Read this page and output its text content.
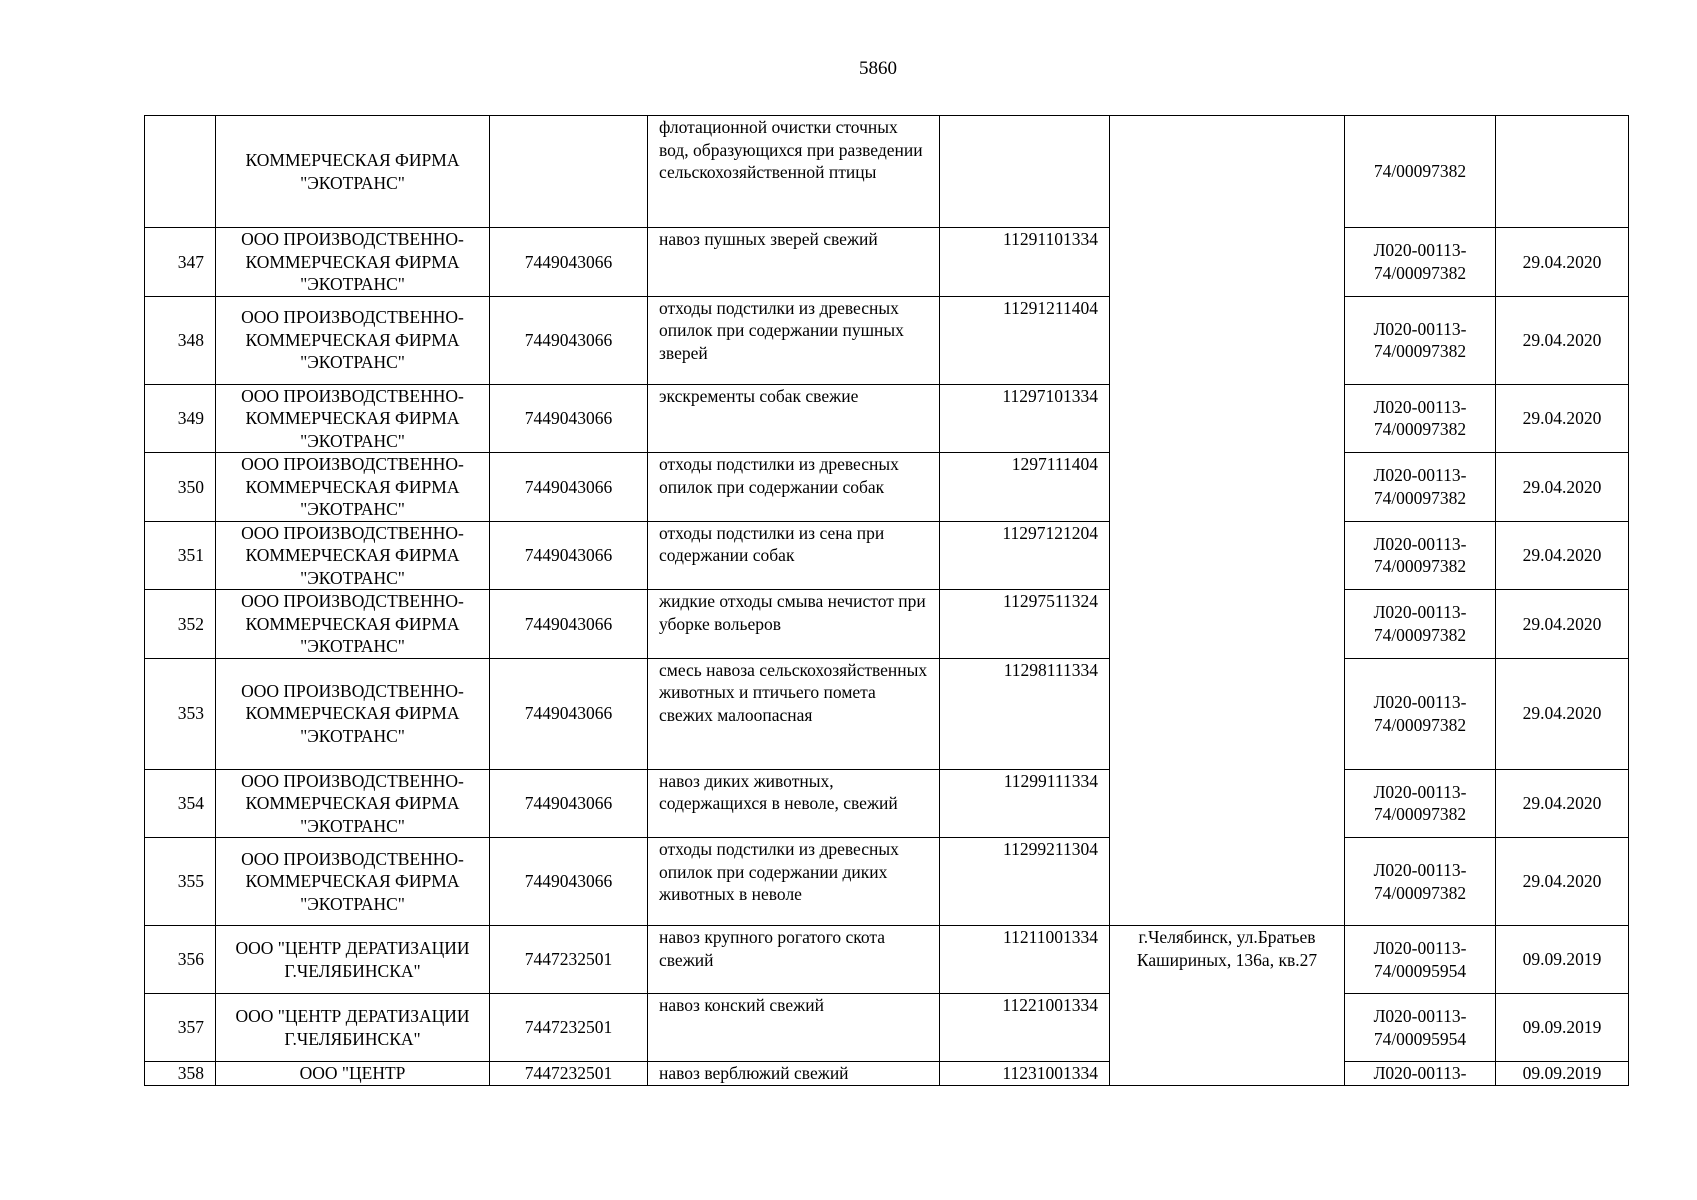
5860
	КОММЕРЧЕСКАЯ ФИРМА "ЭКОТРАНС"		флотационной очистки сточных вод, образующихся при разведении сельскохозяйственной птицы			74/00097382	
347	ООО ПРОИЗВОДСТВЕННО-КОММЕРЧЕСКАЯ ФИРМА "ЭКОТРАНС"	7449043066	навоз пушных зверей свежий	11291101334		Л020-00113-74/00097382	29.04.2020
348	ООО ПРОИЗВОДСТВЕННО-КОММЕРЧЕСКАЯ ФИРМА "ЭКОТРАНС"	7449043066	отходы подстилки из древесных опилок при содержании пушных зверей	11291211404		Л020-00113-74/00097382	29.04.2020
349	ООО ПРОИЗВОДСТВЕННО-КОММЕРЧЕСКАЯ ФИРМА "ЭКОТРАНС"	7449043066	экскременты собак свежие	11297101334		Л020-00113-74/00097382	29.04.2020
350	ООО ПРОИЗВОДСТВЕННО-КОММЕРЧЕСКАЯ ФИРМА "ЭКОТРАНС"	7449043066	отходы подстилки из древесных опилок при содержании собак	1297111404		Л020-00113-74/00097382	29.04.2020
351	ООО ПРОИЗВОДСТВЕННО-КОММЕРЧЕСКАЯ ФИРМА "ЭКОТРАНС"	7449043066	отходы подстилки из сена при содержании собак	11297121204		Л020-00113-74/00097382	29.04.2020
352	ООО ПРОИЗВОДСТВЕННО-КОММЕРЧЕСКАЯ ФИРМА "ЭКОТРАНС"	7449043066	жидкие отходы смыва нечистот при уборке вольеров	11297511324		Л020-00113-74/00097382	29.04.2020
353	ООО ПРОИЗВОДСТВЕННО-КОММЕРЧЕСКАЯ ФИРМА "ЭКОТРАНС"	7449043066	смесь навоза сельскохозяйственных животных и птичьего помета свежих малоопасная	11298111334		Л020-00113-74/00097382	29.04.2020
354	ООО ПРОИЗВОДСТВЕННО-КОММЕРЧЕСКАЯ ФИРМА "ЭКОТРАНС"	7449043066	навоз диких животных, содержащихся в неволе, свежий	11299111334		Л020-00113-74/00097382	29.04.2020
355	ООО ПРОИЗВОДСТВЕННО-КОММЕРЧЕСКАЯ ФИРМА "ЭКОТРАНС"	7449043066	отходы подстилки из древесных опилок при содержании диких животных в неволе	11299211304		Л020-00113-74/00097382	29.04.2020
356	ООО "ЦЕНТР ДЕРАТИЗАЦИИ Г.ЧЕЛЯБИНСКА"	7447232501	навоз крупного рогатого скота свежий	11211001334	г.Челябинск, ул.Братьев Кашириных, 136а, кв.27	Л020-00113-74/00095954	09.09.2019
357	ООО "ЦЕНТР ДЕРАТИЗАЦИИ Г.ЧЕЛЯБИНСКА"	7447232501	навоз конский свежий	11221001334		Л020-00113-74/00095954	09.09.2019
358	ООО "ЦЕНТР	7447232501	навоз верблюжий свежий	11231001334		Л020-00113-	09.09.2019
